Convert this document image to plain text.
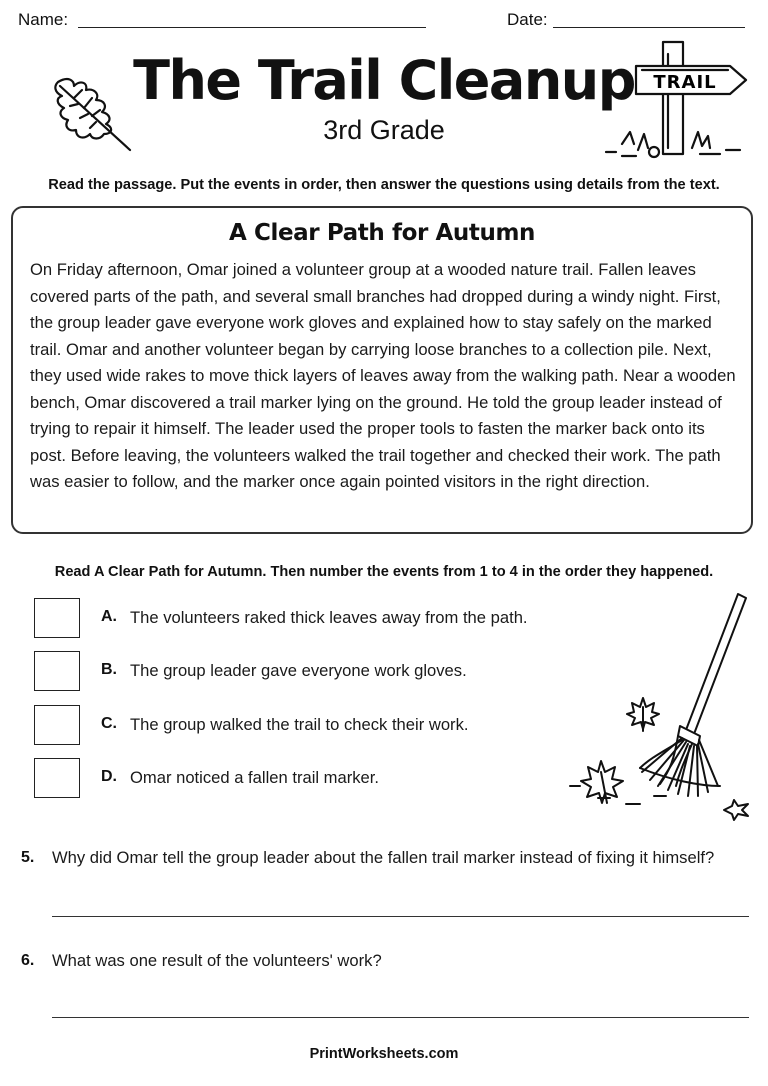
Name:	Date:
The Trail Cleanup
3rd Grade
TRAIL
Read the passage. Put the events in order, then answer the questions using details from the text.
A Clear Path for Autumn
On Friday afternoon, Omar joined a volunteer group at a wooded nature trail. Fallen leaves covered parts of the path, and several small branches had dropped during a windy night. First, the group leader gave everyone work gloves and explained how to stay safely on the marked trail. Omar and another volunteer began by carrying loose branches to a collection pile. Next, they used wide rakes to move thick layers of leaves away from the walking path. Near a wooden bench, Omar discovered a trail marker lying on the ground. He told the group leader instead of trying to repair it himself. The leader used the proper tools to fasten the marker back onto its post. Before leaving, the volunteers walked the trail together and checked their work. The path was easier to follow, and the marker once again pointed visitors in the right direction.
Read A Clear Path for Autumn. Then number the events from 1 to 4 in the order they happened.
A. The volunteers raked thick leaves away from the path.
B. The group leader gave everyone work gloves.
C. The group walked the trail to check their work.
D. Omar noticed a fallen trail marker.
5. Why did Omar tell the group leader about the fallen trail marker instead of fixing it himself?
6. What was one result of the volunteers' work?
PrintWorksheets.com
